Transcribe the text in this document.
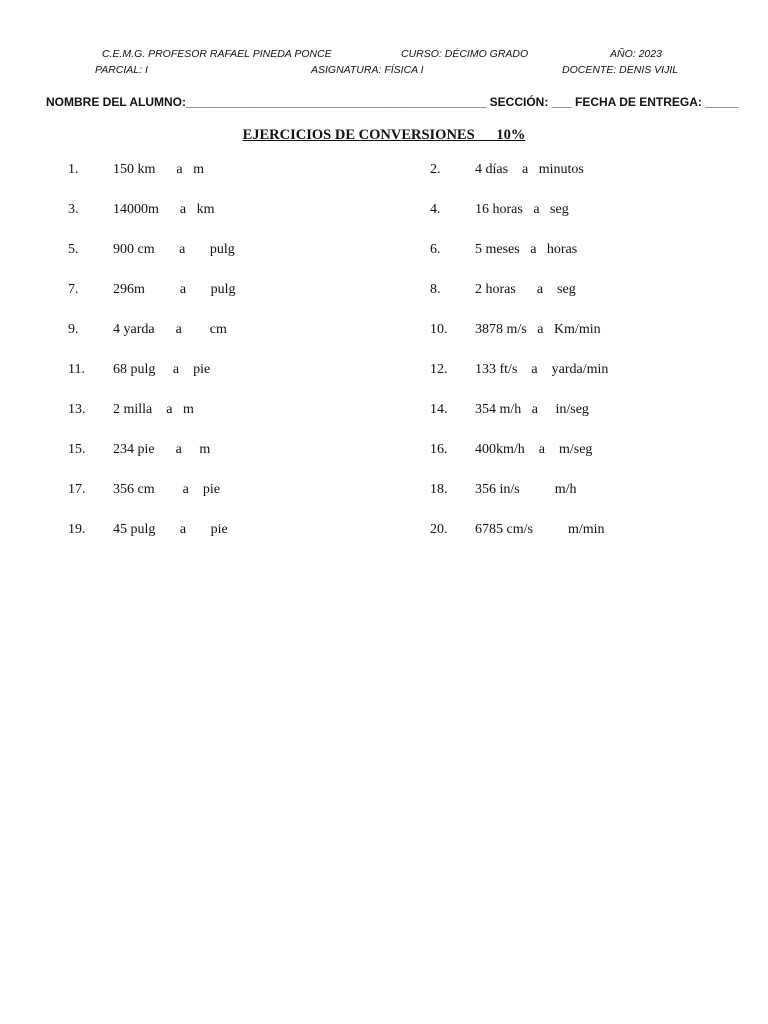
C.E.M.G. PROFESOR RAFAEL PINEDA PONCE	CURSO: DÉCIMO GRADO	AÑO: 2023
PARCIAL: I	ASIGNATURA: FÍSICA I	DOCENTE: DENIS VIJIL
NOMBRE DEL ALUMNO:_____________________________________________ SECCIÓN: ___ FECHA DE ENTREGA: _____
EJERCICIOS DE CONVERSIONES      10%
1. 150 km      a   m	2. 4 días    a   minutos
3. 14000m      a   km	4. 16 horas   a   seg
5. 900 cm       a       pulg	6. 5 meses   a   horas
7. 296m          a       pulg	8. 2 horas      a    seg
9. 4 yarda      a        cm	10. 3878 m/s   a   Km/min
11. 68 pulg     a    pie	12. 133 ft/s    a    yarda/min
13. 2 milla    a   m	14. 354 m/h   a     in/seg
15. 234 pie      a     m	16. 400km/h    a    m/seg
17. 356 cm        a    pie	18. 356 in/s          m/h
19. 45 pulg       a       pie	20. 6785 cm/s          m/min
